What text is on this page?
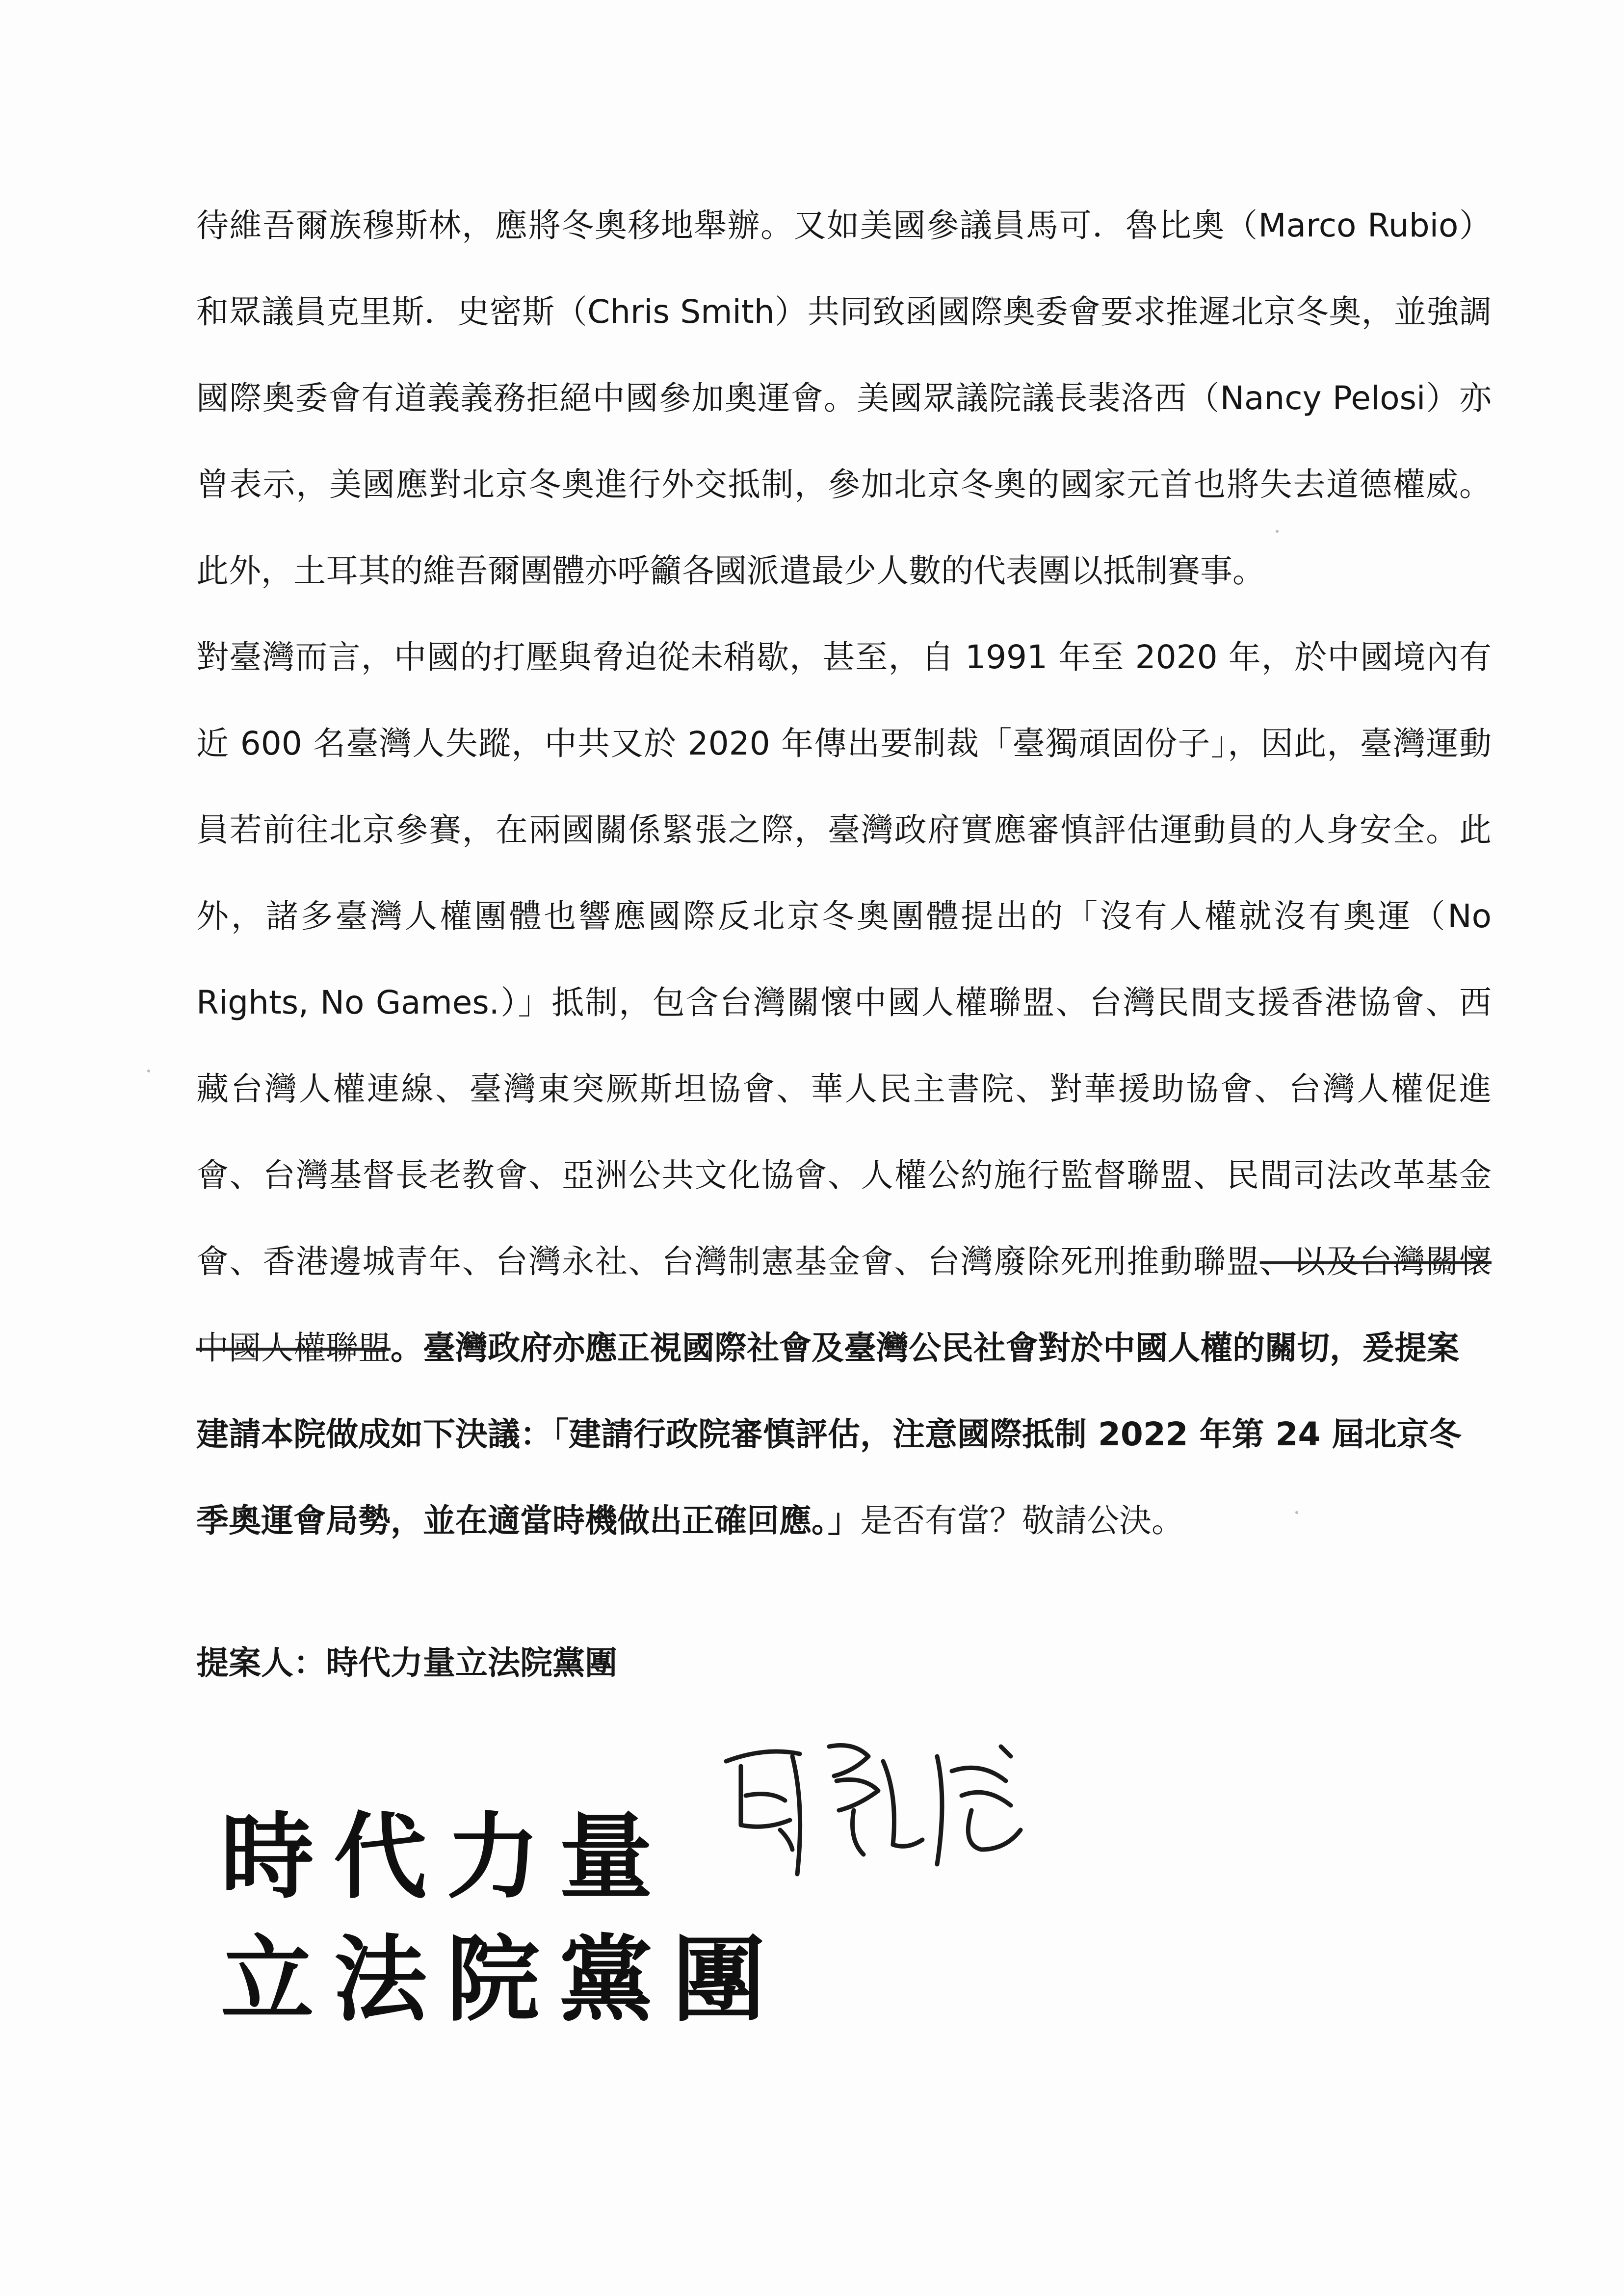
待維吾爾族穆斯林，應將冬奧移地舉辦。又如美國參議員馬可．魯比奧（Marco Rubio）
和眾議員克里斯．史密斯（Chris Smith）共同致函國際奧委會要求推遲北京冬奧，並強調
國際奧委會有道義義務拒絕中國參加奧運會。美國眾議院議長裴洛西（Nancy Pelosi）亦
曾表示，美國應對北京冬奧進行外交抵制，參加北京冬奧的國家元首也將失去道德權威。
此外，土耳其的維吾爾團體亦呼籲各國派遣最少人數的代表團以抵制賽事。
對臺灣而言，中國的打壓與脅迫從未稍歇，甚至，自 1991 年至 2020 年，於中國境內有
近 600 名臺灣人失蹤，中共又於 2020 年傳出要制裁「臺獨頑固份子」，因此，臺灣運動
員若前往北京參賽，在兩國關係緊張之際，臺灣政府實應審慎評估運動員的人身安全。此
外，諸多臺灣人權團體也響應國際反北京冬奧團體提出的「沒有人權就沒有奧運（No
Rights, No Games.）」抵制，包含台灣關懷中國人權聯盟、台灣民間支援香港協會、西
藏台灣人權連線、臺灣東突厥斯坦協會、華人民主書院、對華援助協會、台灣人權促進
會、台灣基督長老教會、亞洲公共文化協會、人權公約施行監督聯盟、民間司法改革基金
會、香港邊城青年、台灣永社、台灣制憲基金會、台灣廢除死刑推動聯盟、以及台灣關懷
中國人權聯盟。臺灣政府亦應正視國際社會及臺灣公民社會對於中國人權的關切，爰提案
建請本院做成如下決議：「建請行政院審慎評估，注意國際抵制 2022 年第 24 屆北京冬
季奧運會局勢，並在適當時機做出正確回應。」是否有當？敬請公決。
提案人：時代力量立法院黨團
時代力量
立法院黨團
邱顯智
